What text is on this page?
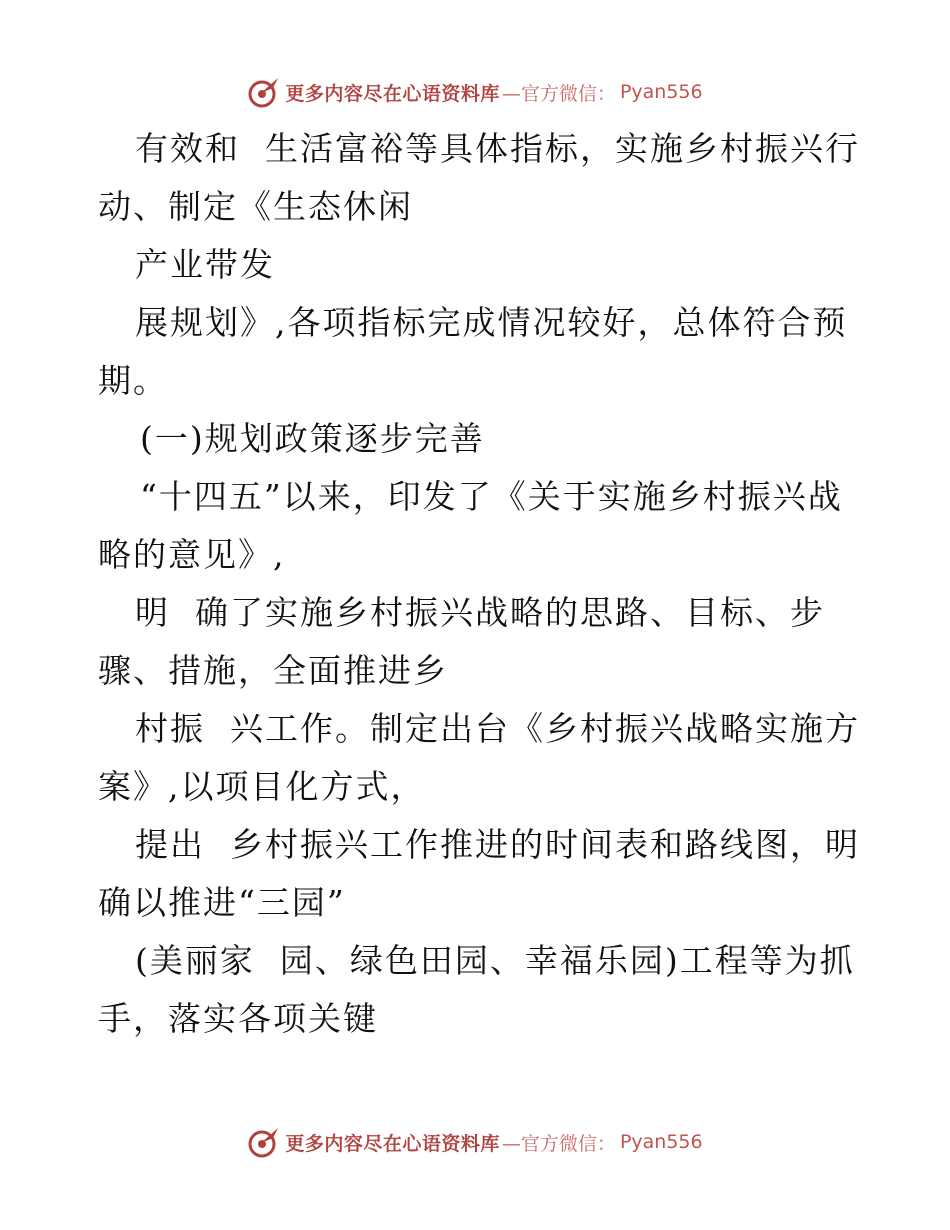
更多内容尽在心语资料库 —官方微信： Pyan556
有效和  生活富裕等具体指标，实施乡村振兴行
动、制定《生态休闲
产业带发
展规划》,各项指标完成情况较好，总体符合预
期。
(一)规划政策逐步完善
“十四五”以来，印发了《关于实施乡村振兴战
略的意见》,
明  确了实施乡村振兴战略的思路、目标、步
骤、措施，全面推进乡
村振  兴工作。制定出台《乡村振兴战略实施方
案》,以项目化方式，
提出  乡村振兴工作推进的时间表和路线图，明
确以推进“三园”
(美丽家  园、绿色田园、幸福乐园)工程等为抓
手，落实各项关键
更多内容尽在心语资料库 —官方微信： Pyan556
